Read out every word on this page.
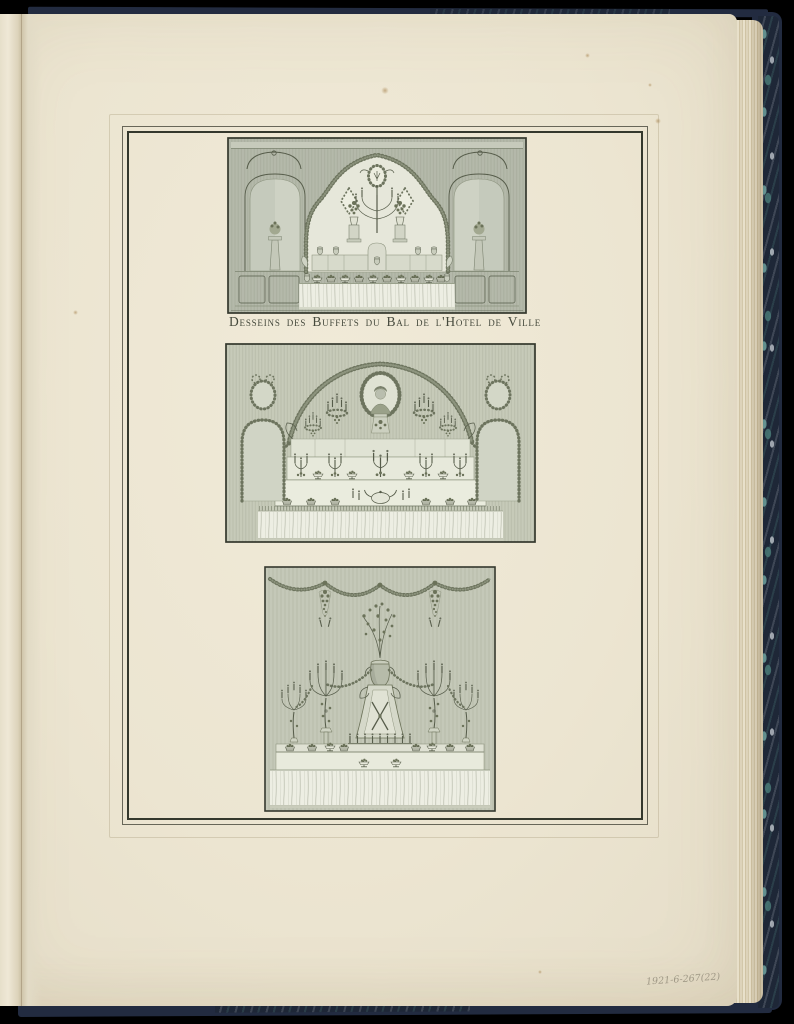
Desseins des Buffets du Bal de l'Hotel de Ville
1921-6-267(22)
